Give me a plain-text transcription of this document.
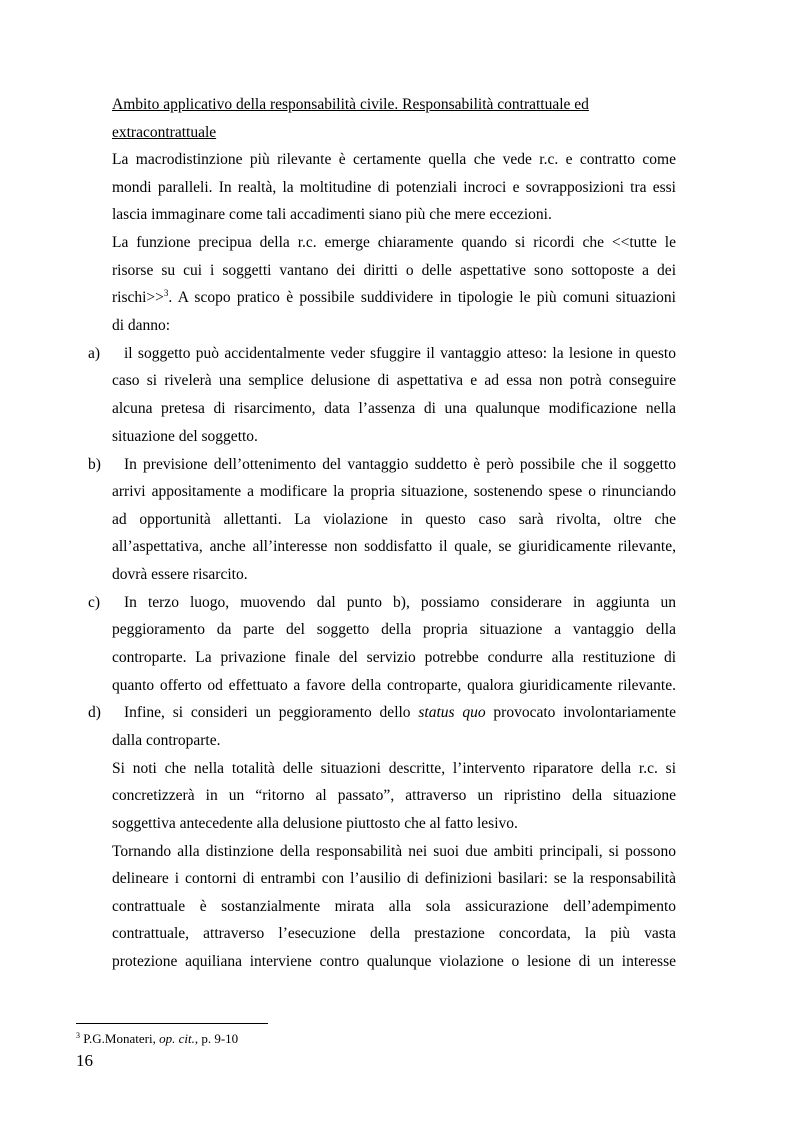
Ambito applicativo della responsabilità civile. Responsabilità contrattuale ed
extracontrattuale
La macrodistinzione più rilevante è certamente quella che vede r.c. e contratto come
mondi paralleli. In realtà, la moltitudine di potenziali incroci e sovrapposizioni tra essi
lascia immaginare come tali accadimenti siano più che mere eccezioni.
La funzione precipua della r.c. emerge chiaramente quando si ricordi che <<tutte le
risorse su cui i soggetti vantano dei diritti o delle aspettative sono sottoposte a dei
rischi>>$^3$. A scopo pratico è possibile suddividere in tipologie le più comuni situazioni
di danno:
a) il soggetto può accidentalmente veder sfuggire il vantaggio atteso: la lesione in questo
caso si rivelerà una semplice delusione di aspettativa e ad essa non potrà conseguire
alcuna pretesa di risarcimento, data l’assenza di una qualunque modificazione nella
situazione del soggetto.
b) In previsione dell’ottenimento del vantaggio suddetto è però possibile che il soggetto
arrivi appositamente a modificare la propria situazione, sostenendo spese o rinunciando
ad opportunità allettanti. La violazione in questo caso sarà rivolta, oltre che
all’aspettativa, anche all’interesse non soddisfatto il quale, se giuridicamente rilevante,
dovrà essere risarcito.
c) In terzo luogo, muovendo dal punto b), possiamo considerare in aggiunta un
peggioramento da parte del soggetto della propria situazione a vantaggio della
controparte. La privazione finale del servizio potrebbe condurre alla restituzione di
quanto offerto od effettuato a favore della controparte, qualora giuridicamente rilevante.
d) Infine, si consideri un peggioramento dello status quo provocato involontariamente
dalla controparte.
Si noti che nella totalità delle situazioni descritte, l’intervento riparatore della r.c. si
concretizzerà in un “ritorno al passato”, attraverso un ripristino della situazione
soggettiva antecedente alla delusione piuttosto che al fatto lesivo.
Tornando alla distinzione della responsabilità nei suoi due ambiti principali, si possono
delineare i contorni di entrambi con l’ausilio di definizioni basilari: se la responsabilità
contrattuale è sostanzialmente mirata alla sola assicurazione dell’adempimento
contrattuale, attraverso l’esecuzione della prestazione concordata, la più vasta
protezione aquiliana interviene contro qualunque violazione o lesione di un interesse
$^3$ P.G.Monateri, op. cit., p. 9-10
16
